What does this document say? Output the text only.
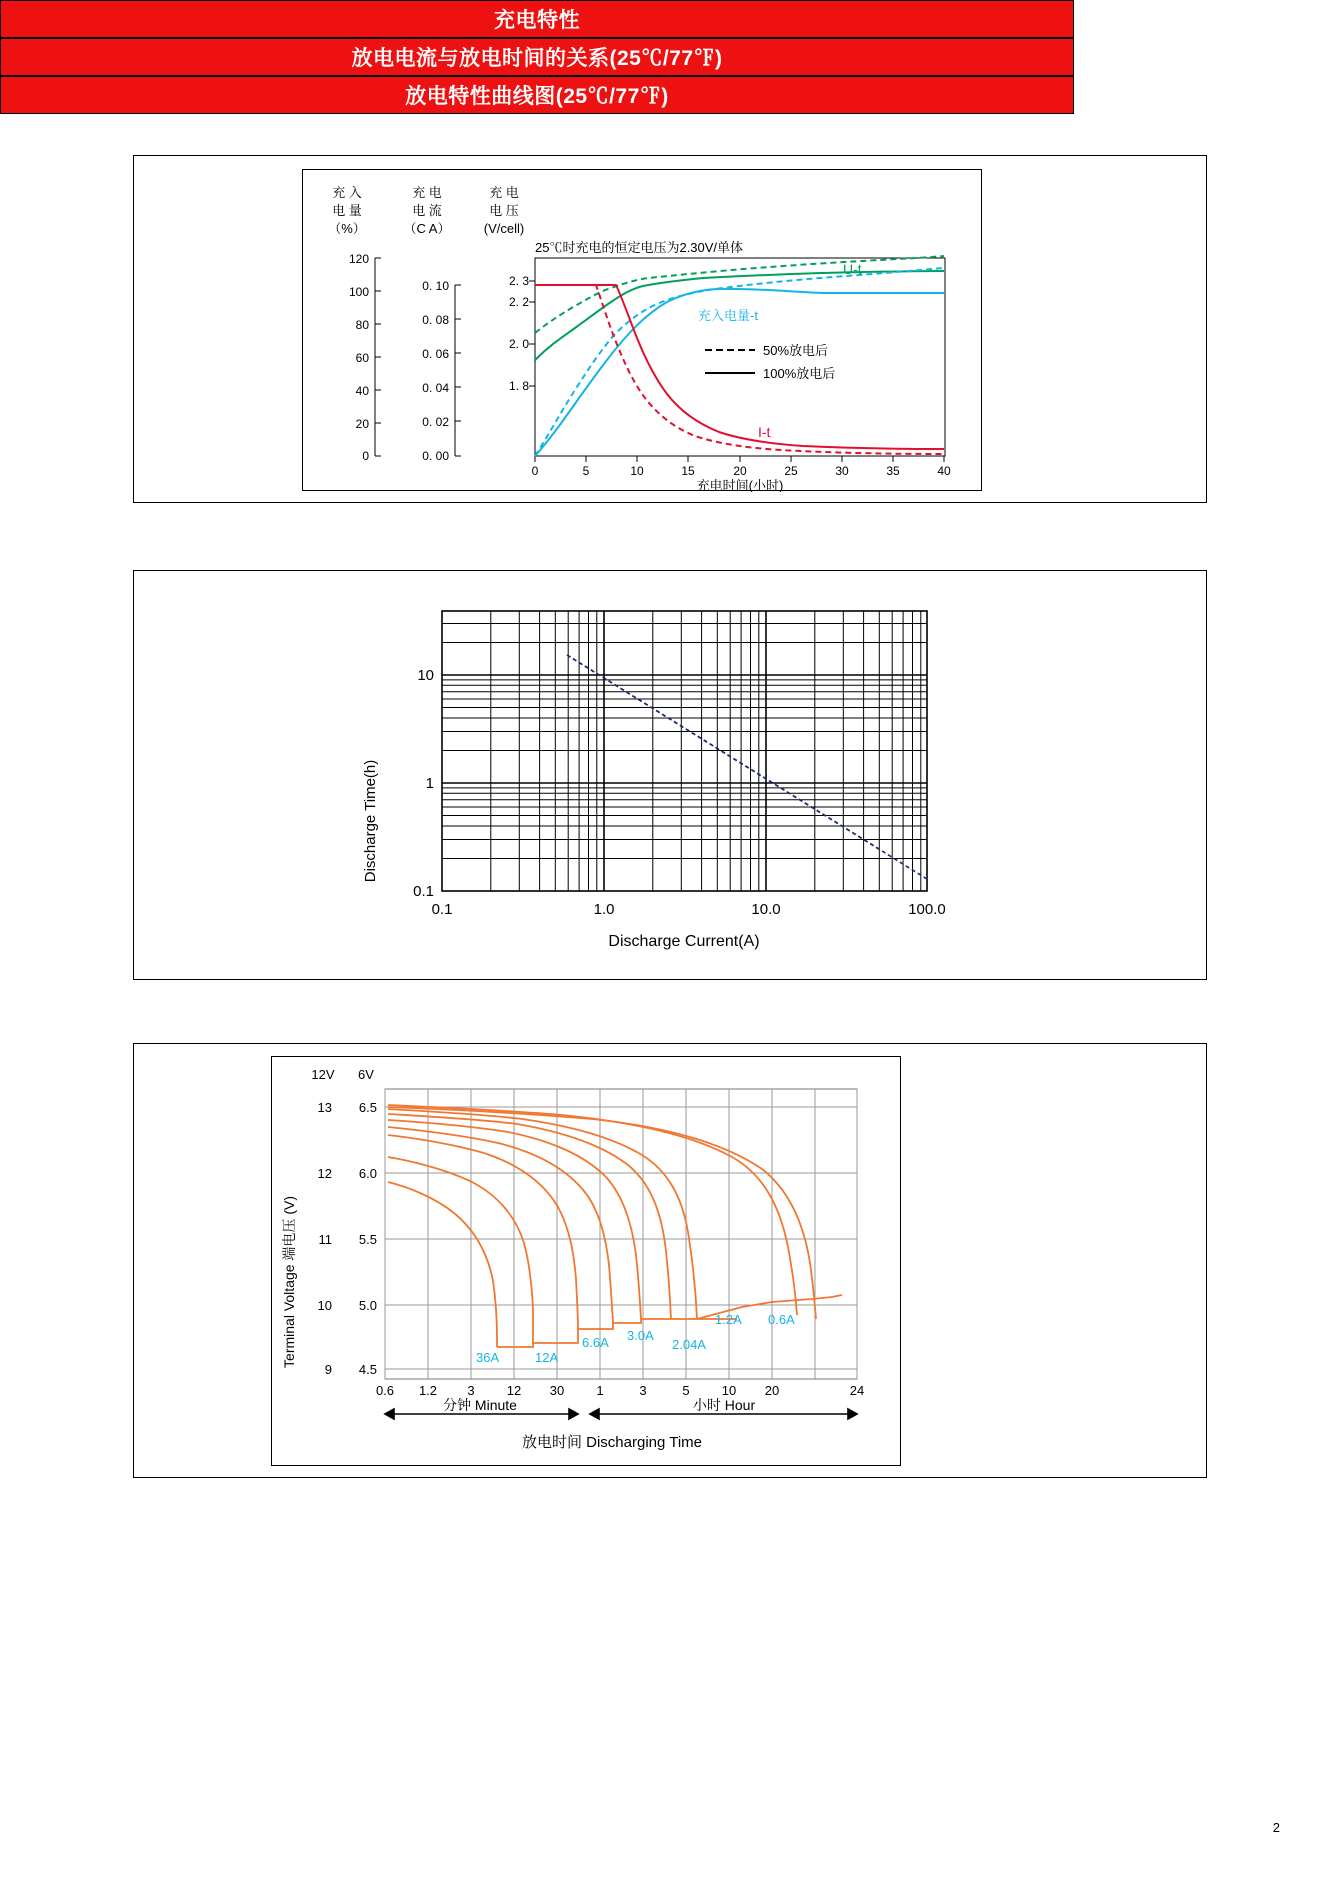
充电特性
充 入
电 量
（%）
充 电
电 流
（C A）
充 电
电 压
(V/cell)
25℃时充电的恒定电压为2.30V/单体
120
100
80
60
40
20
0
0. 10
0. 08
0. 06
0. 04
0. 02
0. 00
2. 3
2. 2
2. 0
1. 8
0	5	10	15	20	25	30	35	40
充电时间(小时)
U-t
充入电量-t
I-t
50%放电后
100%放电后
放电电流与放电时间的关系(25℃/77℉)
Discharge Time(h)
10
1
0.1
0.1	1.0	10.0	100.0
Discharge Current(A)
放电特性曲线图(25℃/77℉)
Terminal Voltage 端电压 (V)
12V 6V
13
12
11
10
9
6.5
6.0
5.5
5.0
4.5
36A	12A
6.6A 3.0A
2.04A
1.2A 0.6A
0.6 1.2 3 12 30 1	3	5 10 20	24
分钟 Minute	小时 Hour
放电时间 Discharging Time
2
